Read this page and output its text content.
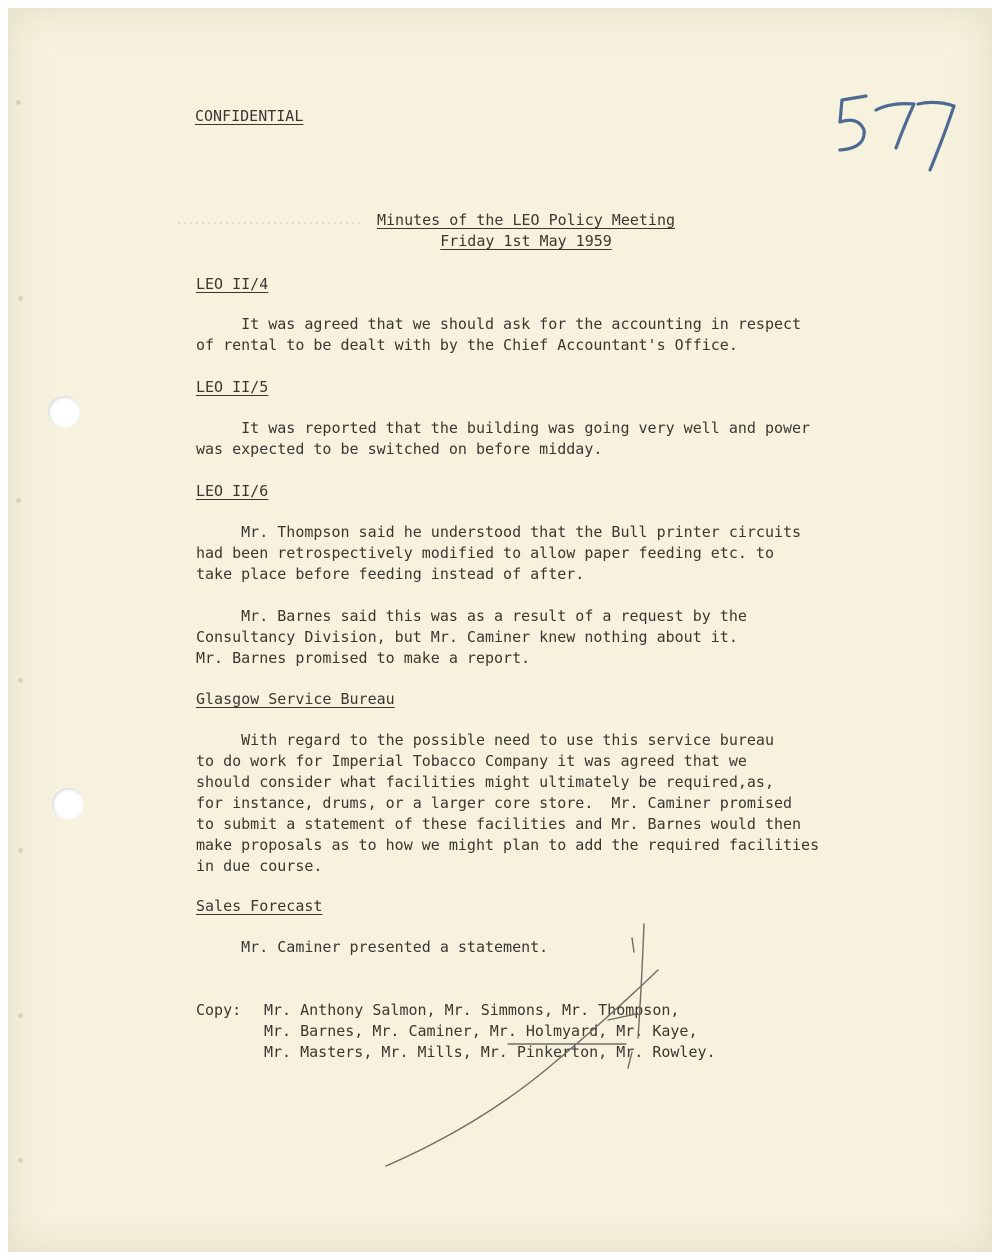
CONFIDENTIAL

Minutes of the LEO Policy Meeting

Friday 1st May 1959

LEO II/4

It was agreed that we should ask for the accounting in respect
of rental to be dealt with by the Chief Accountant's Office.

LEO II/5

It was reported that the building was going very well and power
was expected to be switched on before midday.

LEO II/6

Mr. Thompson said he understood that the Bull printer circuits
had been retrospectively modified to allow paper feeding etc. to
take place before feeding instead of after.

Mr. Barnes said this was as a result of a request by the
Consultancy Division, but Mr. Caminer knew nothing about it.
Mr. Barnes promised to make a report.

Glasgow Service Bureau

With regard to the possible need to use this service bureau
to do work for Imperial Tobacco Company it was agreed that we
should consider what facilities might ultimately be required,as,
for instance, drums, or a larger core store.  Mr. Caminer promised
to submit a statement of these facilities and Mr. Barnes would then
make proposals as to how we might plan to add the required facilities
in due course.

Sales Forecast

Mr. Caminer presented a statement.

Copy: Mr. Anthony Salmon, Mr. Simmons, Mr. Thompson,

Mr. Barnes, Mr. Caminer, Mr. Holmyard, Mr. Kaye,

Mr. Masters, Mr. Mills, Mr. Pinkerton, Mr. Rowley.
